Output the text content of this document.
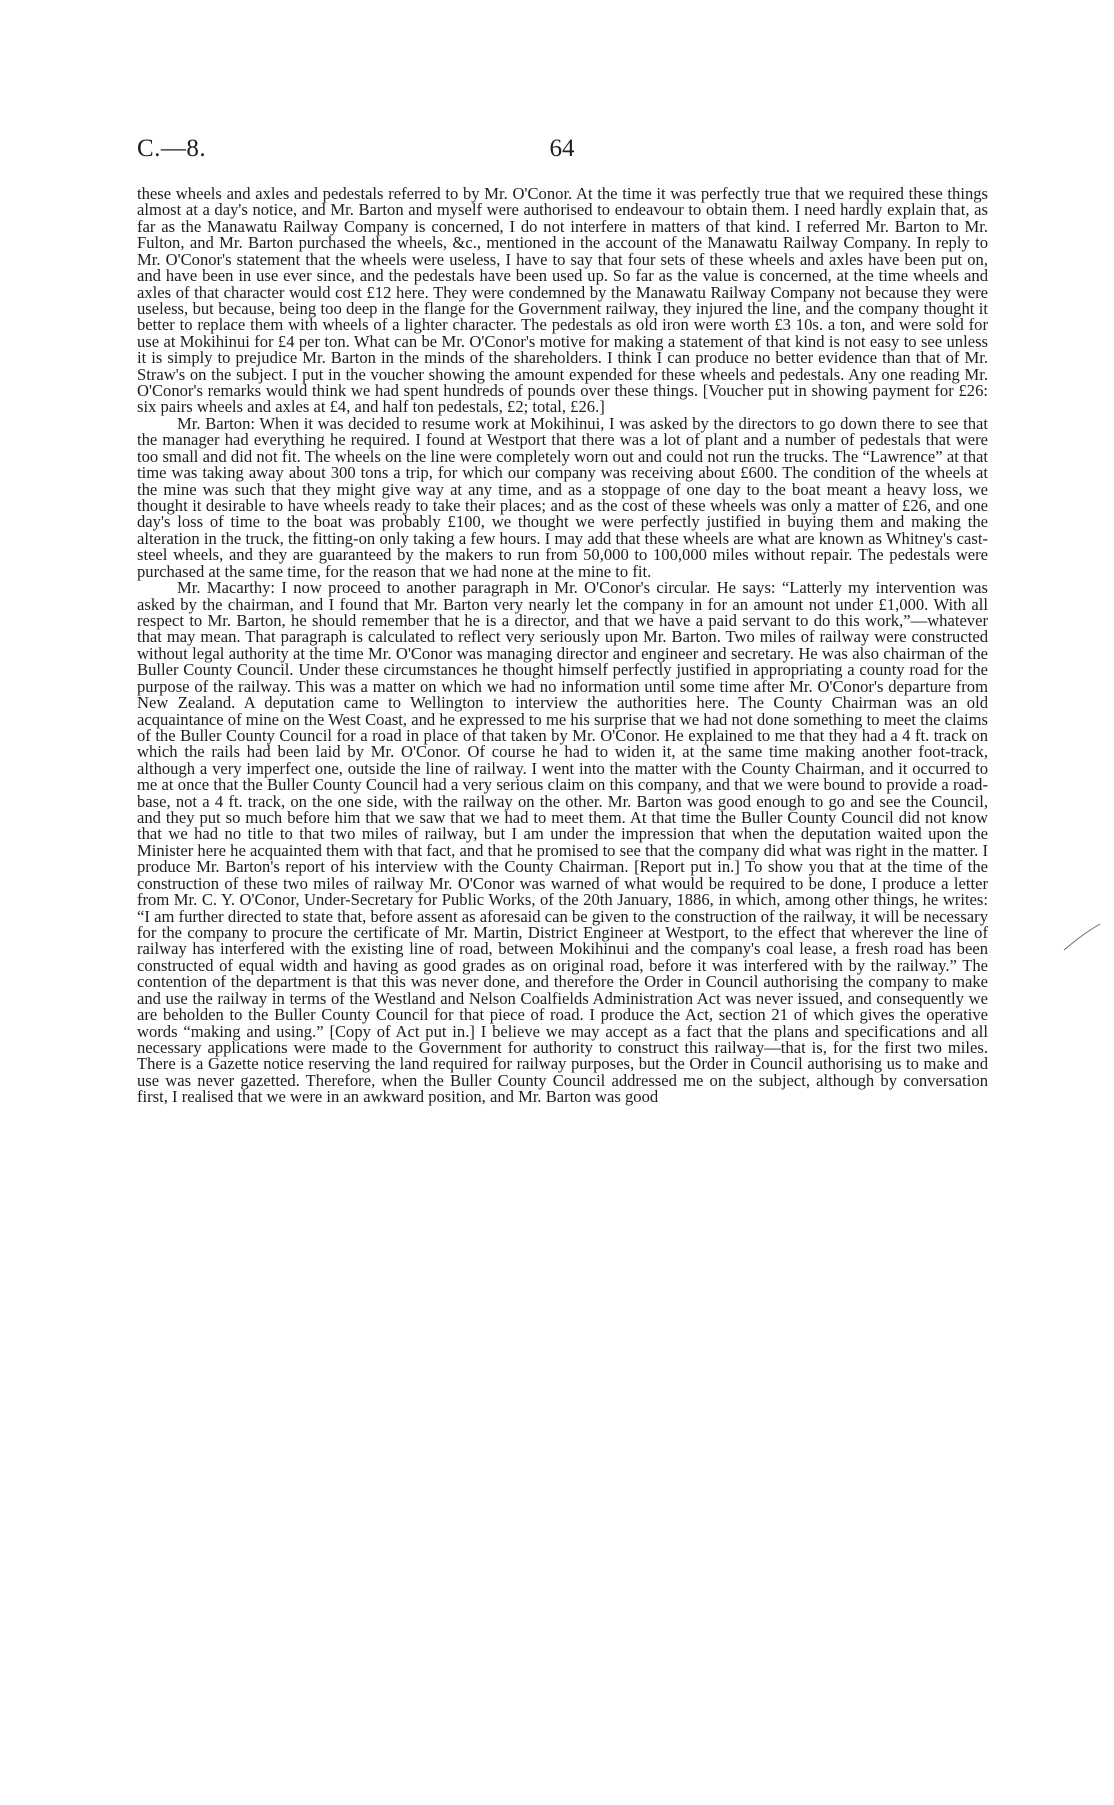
C.—8.	64

these wheels and axles and pedestals referred to by Mr. O'Conor. At the time it was perfectly true that we required these things almost at a day's notice, and Mr. Barton and myself were authorised to endeavour to obtain them. I need hardly explain that, as far as the Manawatu Railway Company is concerned, I do not interfere in matters of that kind. I referred Mr. Barton to Mr. Fulton, and Mr. Barton purchased the wheels, &c., mentioned in the account of the Manawatu Railway Company. In reply to Mr. O'Conor's statement that the wheels were useless, I have to say that four sets of these wheels and axles have been put on, and have been in use ever since, and the pedestals have been used up. So far as the value is concerned, at the time wheels and axles of that character would cost £12 here. They were condemned by the Manawatu Railway Company not because they were useless, but because, being too deep in the flange for the Government railway, they injured the line, and the company thought it better to replace them with wheels of a lighter character. The pedestals as old iron were worth £3 10s. a ton, and were sold for use at Mokihinui for £4 per ton. What can be Mr. O'Conor's motive for making a statement of that kind is not easy to see unless it is simply to prejudice Mr. Barton in the minds of the shareholders. I think I can produce no better evidence than that of Mr. Straw's on the subject. I put in the voucher showing the amount expended for these wheels and pedestals. Any one reading Mr. O'Conor's remarks would think we had spent hundreds of pounds over these things. [Voucher put in showing payment for £26: six pairs wheels and axles at £4, and half ton pedestals, £2; total, £26.]

Mr. Barton: When it was decided to resume work at Mokihinui, I was asked by the directors to go down there to see that the manager had everything he required. I found at Westport that there was a lot of plant and a number of pedestals that were too small and did not fit. The wheels on the line were completely worn out and could not run the trucks. The “Lawrence” at that time was taking away about 300 tons a trip, for which our company was receiving about £600. The condition of the wheels at the mine was such that they might give way at any time, and as a stoppage of one day to the boat meant a heavy loss, we thought it desirable to have wheels ready to take their places; and as the cost of these wheels was only a matter of £26, and one day's loss of time to the boat was probably £100, we thought we were perfectly justified in buying them and making the alteration in the truck, the fitting-on only taking a few hours. I may add that these wheels are what are known as Whitney's cast-steel wheels, and they are guaranteed by the makers to run from 50,000 to 100,000 miles without repair. The pedestals were purchased at the same time, for the reason that we had none at the mine to fit.

Mr. Macarthy: I now proceed to another paragraph in Mr. O'Conor's circular. He says: “Latterly my intervention was asked by the chairman, and I found that Mr. Barton very nearly let the company in for an amount not under £1,000. With all respect to Mr. Barton, he should remember that he is a director, and that we have a paid servant to do this work,”—whatever that may mean. That paragraph is calculated to reflect very seriously upon Mr. Barton. Two miles of railway were constructed without legal authority at the time Mr. O'Conor was managing director and engineer and secretary. He was also chairman of the Buller County Council. Under these circumstances he thought himself perfectly justified in appropriating a county road for the purpose of the railway. This was a matter on which we had no information until some time after Mr. O'Conor's departure from New Zealand. A deputation came to Wellington to interview the authorities here. The County Chairman was an old acquaintance of mine on the West Coast, and he expressed to me his surprise that we had not done something to meet the claims of the Buller County Council for a road in place of that taken by Mr. O'Conor. He explained to me that they had a 4 ft. track on which the rails had been laid by Mr. O'Conor. Of course he had to widen it, at the same time making another foot-track, although a very imperfect one, outside the line of railway. I went into the matter with the County Chairman, and it occurred to me at once that the Buller County Council had a very serious claim on this company, and that we were bound to provide a road-base, not a 4 ft. track, on the one side, with the railway on the other. Mr. Barton was good enough to go and see the Council, and they put so much before him that we saw that we had to meet them. At that time the Buller County Council did not know that we had no title to that two miles of railway, but I am under the impression that when the deputation waited upon the Minister here he acquainted them with that fact, and that he promised to see that the company did what was right in the matter. I produce Mr. Barton's report of his interview with the County Chairman. [Report put in.] To show you that at the time of the construction of these two miles of railway Mr. O'Conor was warned of what would be required to be done, I produce a letter from Mr. C. Y. O'Conor, Under-Secretary for Public Works, of the 20th January, 1886, in which, among other things, he writes: “I am further directed to state that, before assent as aforesaid can be given to the construction of the railway, it will be necessary for the company to procure the certificate of Mr. Martin, District Engineer at Westport, to the effect that wherever the line of railway has interfered with the existing line of road, between Mokihinui and the company's coal lease, a fresh road has been constructed of equal width and having as good grades as on original road, before it was interfered with by the railway.” The contention of the department is that this was never done, and therefore the Order in Council authorising the company to make and use the railway in terms of the Westland and Nelson Coalfields Administration Act was never issued, and consequently we are beholden to the Buller County Council for that piece of road. I produce the Act, section 21 of which gives the operative words “making and using.” [Copy of Act put in.] I believe we may accept as a fact that the plans and specifications and all necessary applications were made to the Government for authority to construct this railway—that is, for the first two miles. There is a Gazette notice reserving the land required for railway purposes, but the Order in Council authorising us to make and use was never gazetted. Therefore, when the Buller County Council addressed me on the subject, although by conversation first, I realised that we were in an awkward position, and Mr. Barton was good
